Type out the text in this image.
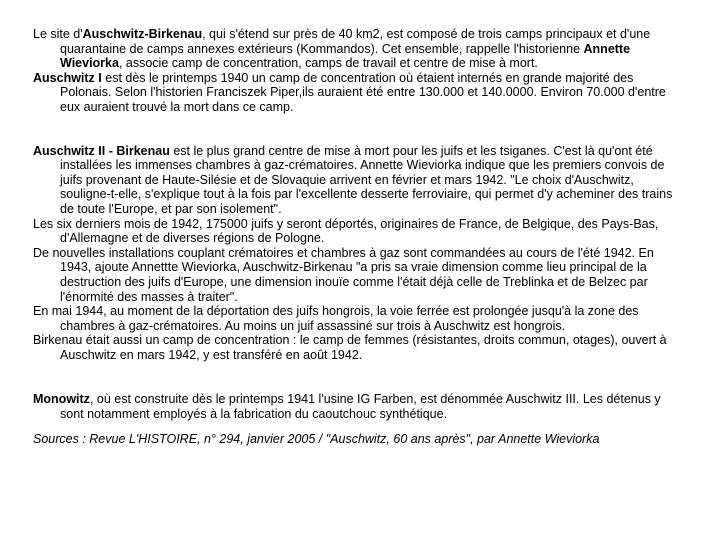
Le site d'Auschwitz-Birkenau, qui s'étend sur près de 40 km2, est composé de trois camps principaux et d'une quarantaine de camps annexes extérieurs (Kommandos). Cet ensemble, rappelle l'historienne Annette Wieviorka, associe camp de concentration, camps de travail et centre de mise à mort.

Auschwitz I est dès le printemps 1940 un camp de concentration où étaient internés en grande majorité des Polonais. Selon l'historien Franciszek Piper,ils auraient été entre 130.000 et 140.0000. Environ 70.000 d'entre eux auraient trouvé la mort dans ce camp.

Auschwitz II - Birkenau est le plus grand centre de mise à mort pour les juifs et les tsiganes. C'est là qu'ont été installées les immenses chambres à gaz-crématoires. Annette Wieviorka indique que les premiers convois de juifs provenant de Haute-Silésie et de Slovaquie arrivent en février et mars 1942. "Le choix d'Auschwitz, souligne-t-elle, s'explique tout à la fois par l'excellente desserte ferroviaire, qui permet d'y acheminer des trains de toute l'Europe, et par son isolement".

Les six derniers mois de 1942, 175000 juifs y seront déportés, originaires de France, de Belgique, des Pays-Bas, d'Allemagne et de diverses régions de Pologne.

De nouvelles installations couplant crématoires et chambres à gaz sont commandées au cours de l'été 1942. En 1943, ajoute Annettte Wieviorka, Auschwitz-Birkenau "a pris sa vraie dimension comme lieu principal de la destruction des juifs d'Europe, une dimension inouïe comme l'était déjà celle de Treblinka et de Belzec par l'énormité des masses à traiter".

En mai 1944, au moment de la déportation des juifs hongrois, la voie ferrée est prolongée jusqu'à la zone des chambres à gaz-crématoires. Au moins un juif assassiné sur trois à Auschwitz est hongrois.

Birkenau était aussi un camp de concentration : le camp de femmes (résistantes, droits commun, otages), ouvert à Auschwitz en mars 1942, y est transféré en août 1942.

Monowitz, où est construite dès le printemps 1941 l'usine IG Farben, est dénommée Auschwitz III. Les détenus y sont notamment employés à la fabrication du caoutchouc synthétique.

Sources : Revue L'HISTOIRE, n° 294, janvier 2005 / "Auschwitz, 60 ans après", par Annette Wieviorka
